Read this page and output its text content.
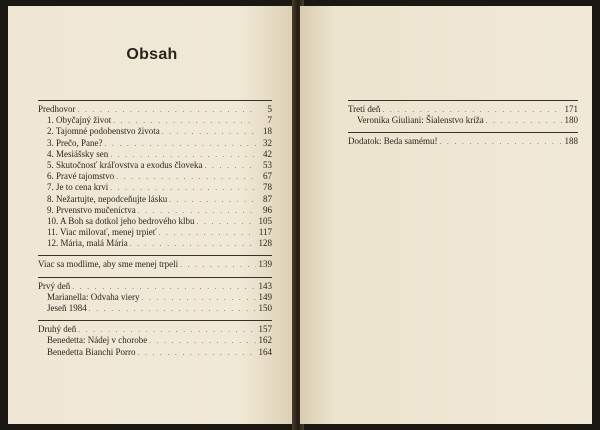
Obsah
Predhovor . . .	5
1. Obyčajný život . . .	7
2. Tajomné podobenstvo života . . .	18
3. Prečo, Pane? . . .	32
4. Mesiášsky sen . . .	42
5. Skutočnosť kráľovstva a exodus človeka . . .	53
6. Pravé tajomstvo . . .	67
7. Je to cena krvi . . .	78
8. Nežartujte, nepodceňujte lásku . . .	87
9. Prvenstvo mučeníctva . . .	96
10. A Boh sa dotkol jeho bedrového klbu . . .	105
11. Viac milovať, menej trpieť . . .	117
12. Mária, malá Mária . . .	128
Viac sa modlime, aby sme menej trpeli . . .	139
Prvý deň . . .	143
Marianella: Odvaha viery . . .	149
Jeseň 1984 . . .	150
Druhý deň . . .	157
Benedetta: Nádej v chorobe . . .	162
Benedetta Bianchi Porro . . .	164
Tretí deň . . .	171
Veronika Giuliani: Šialenstvo kríža . . .	180
Dodatok: Beda samému! . . .	188
